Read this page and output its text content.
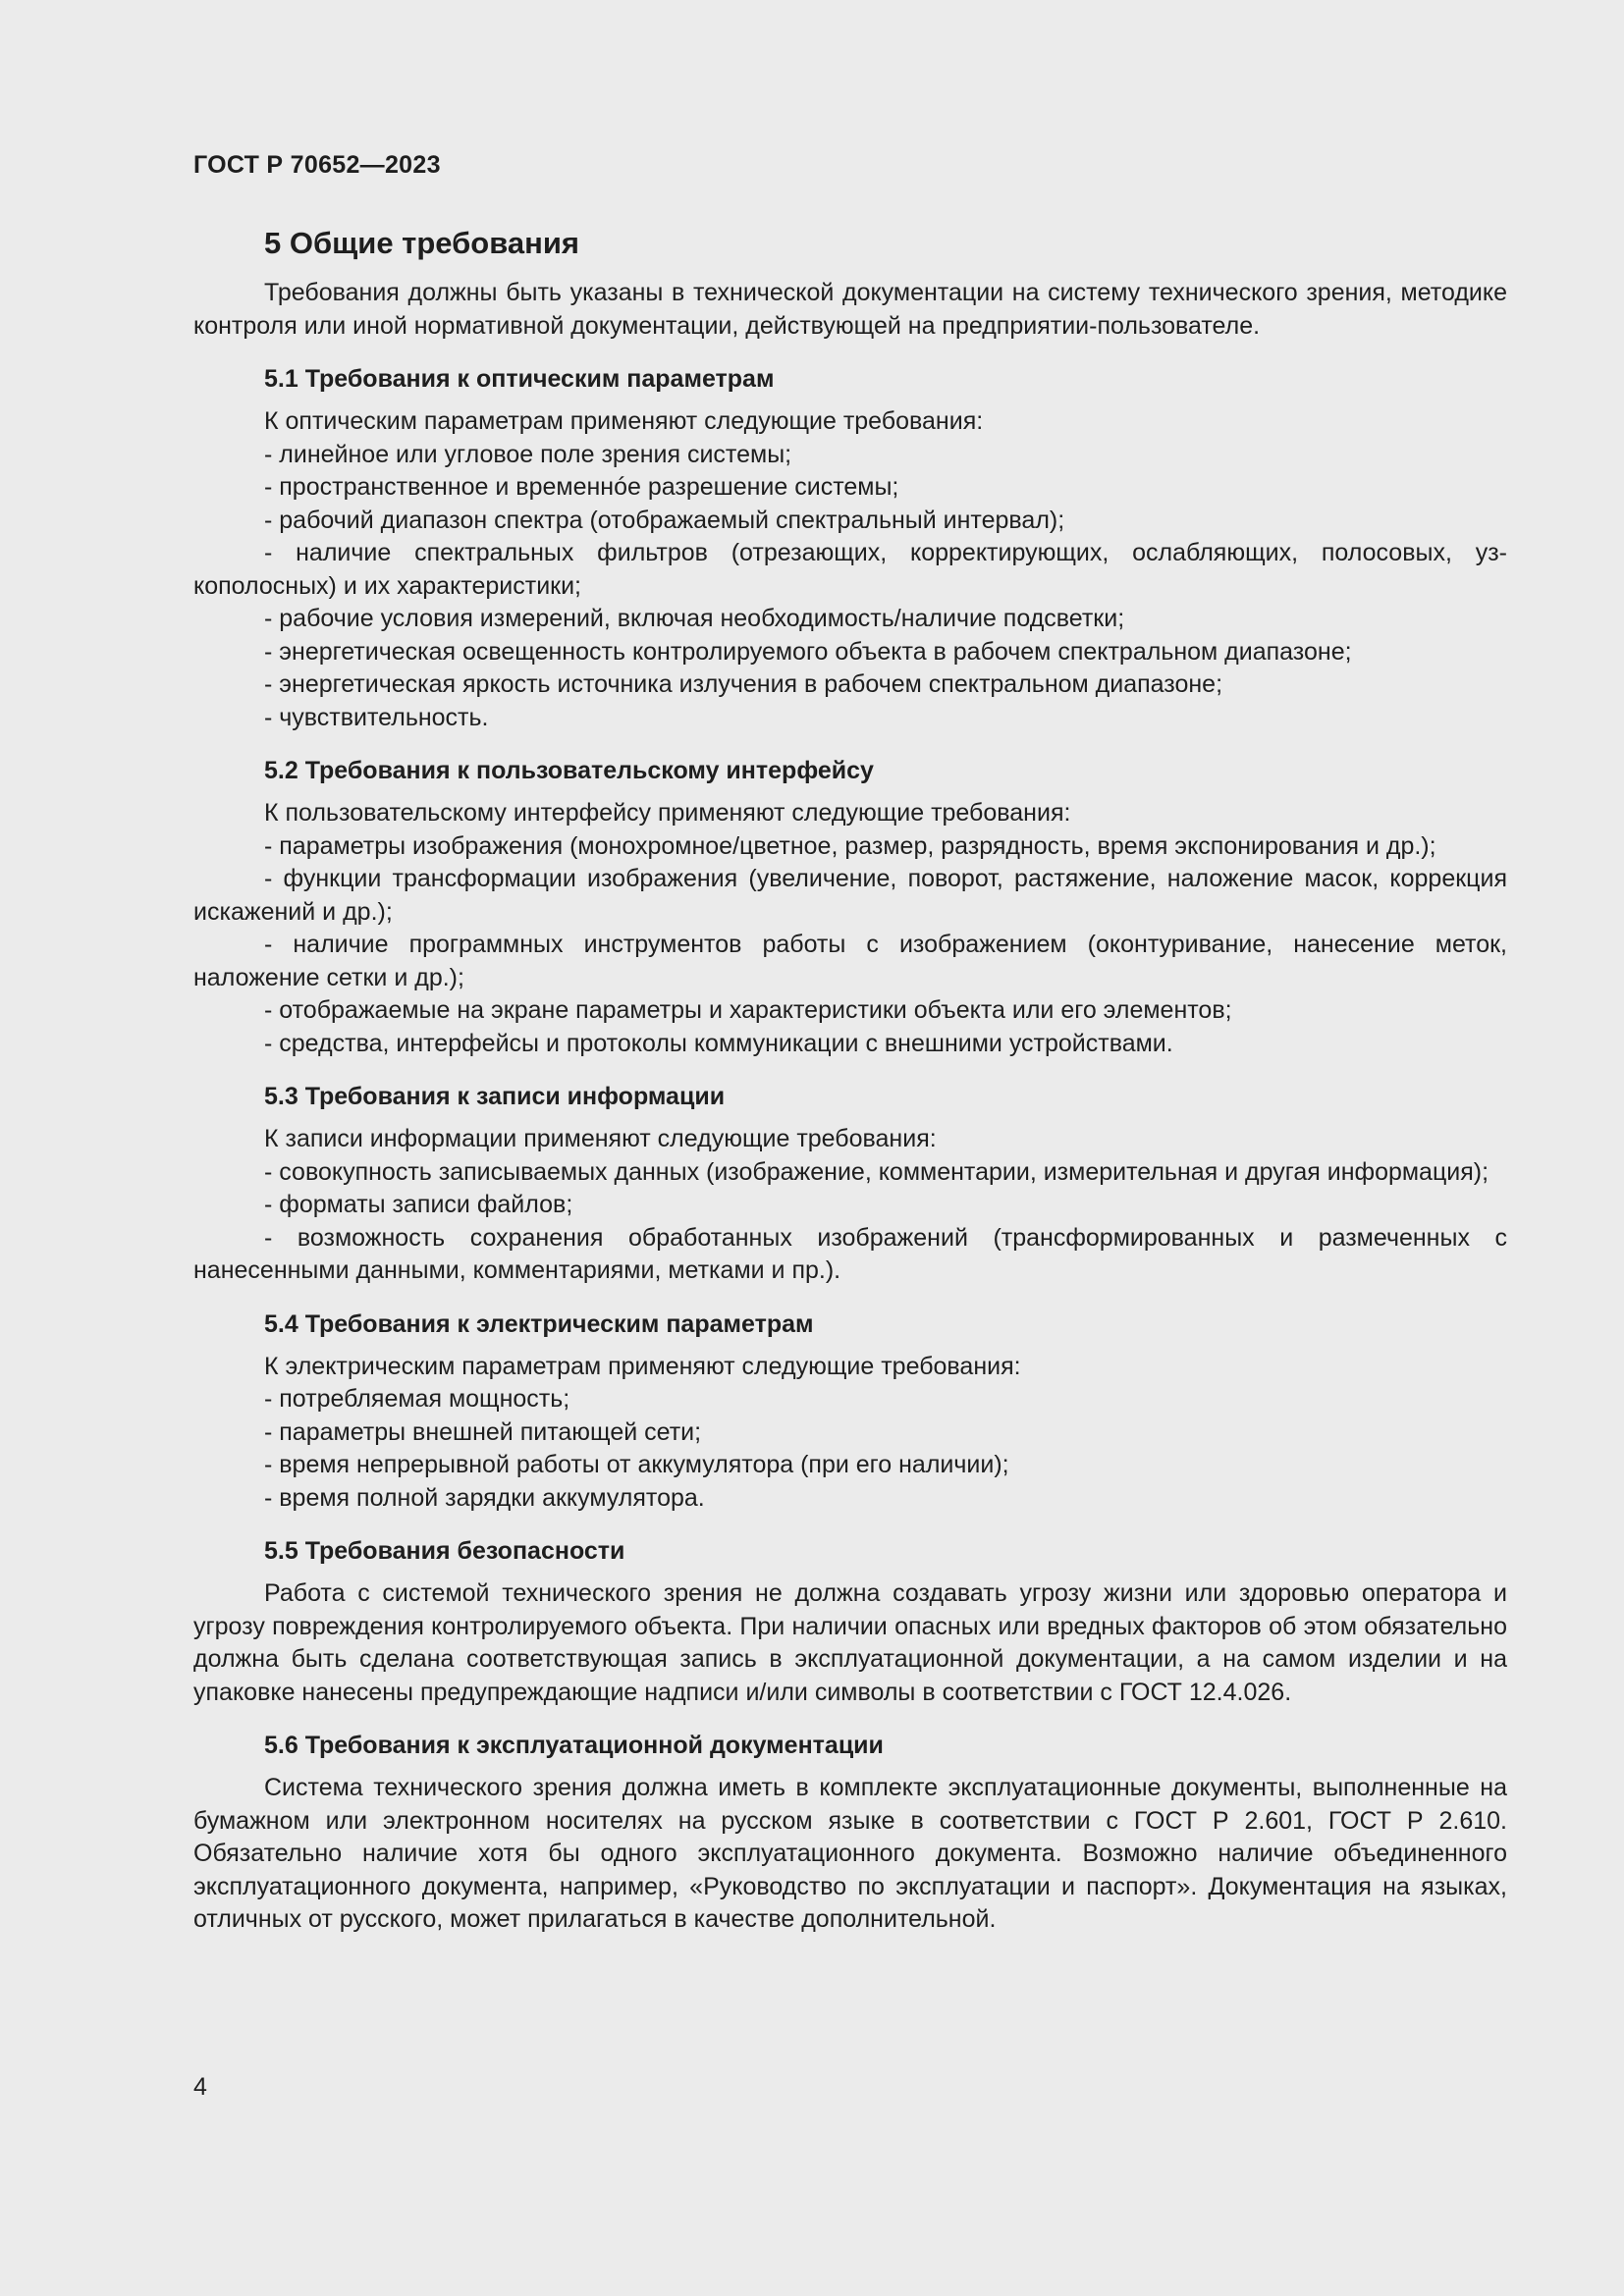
ГОСТ Р 70652—2023
5 Общие требования

Требования должны быть указаны в технической документации на систему технического зрения, методике контроля или иной нормативной документации, действующей на предприятии-пользователе.

5.1 Требования к оптическим параметрам

К оптическим параметрам применяют следующие требования:

- линейное или угловое поле зрения системы;

- пространственное и временнóе разрешение системы;

- рабочий диапазон спектра (отображаемый спектральный интервал);

- наличие спектральных фильтров (отрезающих, корректирующих, ослабляющих, полосовых, узкополосных) и их характеристики;

- рабочие условия измерений, включая необходимость/наличие подсветки;

- энергетическая освещенность контролируемого объекта в рабочем спектральном диапазоне;

- энергетическая яркость источника излучения в рабочем спектральном диапазоне;

- чувствительность.

5.2 Требования к пользовательскому интерфейсу

К пользовательскому интерфейсу применяют следующие требования:

- параметры изображения (монохромное/цветное, размер, разрядность, время экспонирования и др.);

- функции трансформации изображения (увеличение, поворот, растяжение, наложение масок, коррекция искажений и др.);

- наличие программных инструментов работы с изображением (оконтуривание, нанесение меток, наложение сетки и др.);

- отображаемые на экране параметры и характеристики объекта или его элементов;

- средства, интерфейсы и протоколы коммуникации с внешними устройствами.

5.3 Требования к записи информации

К записи информации применяют следующие требования:

- совокупность записываемых данных (изображение, комментарии, измерительная и другая информация);

- форматы записи файлов;

- возможность сохранения обработанных изображений (трансформированных и размеченных с нанесенными данными, комментариями, метками и пр.).

5.4 Требования к электрическим параметрам

К электрическим параметрам применяют следующие требования:

- потребляемая мощность;

- параметры внешней питающей сети;

- время непрерывной работы от аккумулятора (при его наличии);

- время полной зарядки аккумулятора.

5.5 Требования безопасности

Работа с системой технического зрения не должна создавать угрозу жизни или здоровью оператора и угрозу повреждения контролируемого объекта. При наличии опасных или вредных факторов об этом обязательно должна быть сделана соответствующая запись в эксплуатационной документации, а на самом изделии и на упаковке нанесены предупреждающие надписи и/или символы в соответствии с ГОСТ 12.4.026.

5.6 Требования к эксплуатационной документации

Система технического зрения должна иметь в комплекте эксплуатационные документы, выполненные на бумажном или электронном носителях на русском языке в соответствии с ГОСТ Р 2.601, ГОСТ Р 2.610. Обязательно наличие хотя бы одного эксплуатационного документа. Возможно наличие объединенного эксплуатационного документа, например, «Руководство по эксплуатации и паспорт». Документация на языках, отличных от русского, может прилагаться в качестве дополнительной.

4
